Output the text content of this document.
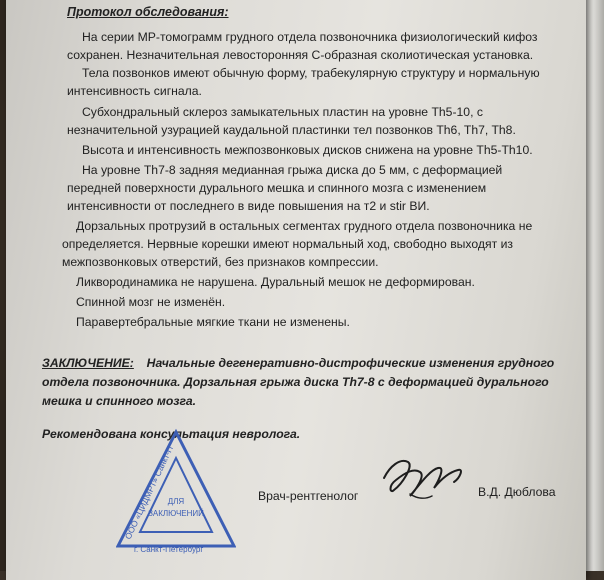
Протокол обследования:
На серии МР-томограмм грудного отдела позвоночника физиологический кифоз
сохранен. Незначительная левосторонняя С-образная сколиотическая установка.
Тела позвонков имеют обычную форму, трабекулярную структуру и нормальную
интенсивность сигнала.
Субхондральный склероз замыкательных пластин на уровне Th5-10, с
незначительной узурацией каудальной пластинки тел позвонков Th6, Th7, Th8.
Высота и интенсивность межпозвонковых дисков снижена на уровне Th5-Th10.
На уровне Th7-8 задняя медианная грыжа диска до 5 мм, с деформацией
передней поверхности дурального мешка и спинного мозга с изменением
интенсивности от последнего в виде повышения на т2 и stir ВИ.
Дорзальных протрузий в остальных сегментах грудного отдела позвоночника не
определяется. Нервные корешки имеют нормальный ход, свободно выходят из
межпозвонковых отверстий, без признаков компрессии.
Ликвородинамика не нарушена. Дуральный мешок не деформирован.
Спинной мозг не изменён.
Паравертебральные мягкие ткани не изменены.
ЗАКЛЮЧЕНИЕ: Начальные дегенеративно-дистрофические изменения грудного
отдела позвоночника. Дорзальная грыжа диска Th7-8 с деформацией дурального
мешка и спинного мозга.
Рекомендована консультация невролога.
ООО «ЦИДМРТ» Санкт-П
ДЛЯ
ЗАКЛЮЧЕНИЙ
г. Санкт-Петербург
Врач-рентгенолог	В.Д. Дюблова
